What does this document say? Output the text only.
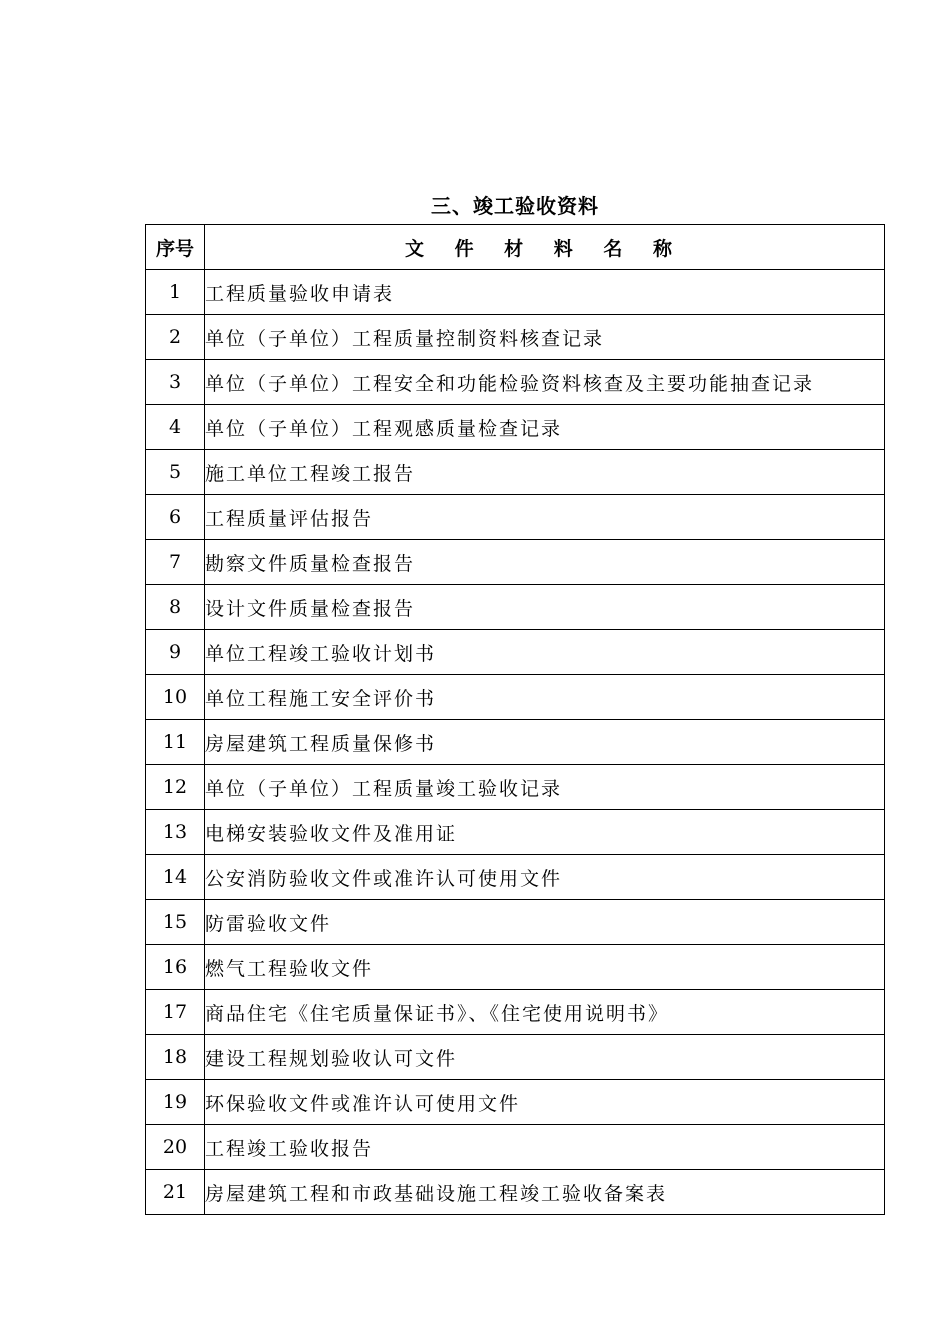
三、竣工验收资料
序号	文 件 材 料 名 称
1	工程质量验收申请表
2	单位（子单位）工程质量控制资料核查记录
3	单位（子单位）工程安全和功能检验资料核查及主要功能抽查记录
4	单位（子单位）工程观感质量检查记录
5	施工单位工程竣工报告
6	工程质量评估报告
7	勘察文件质量检查报告
8	设计文件质量检查报告
9	单位工程竣工验收计划书
10	单位工程施工安全评价书
11	房屋建筑工程质量保修书
12	单位（子单位）工程质量竣工验收记录
13	电梯安装验收文件及准用证
14	公安消防验收文件或准许认可使用文件
15	防雷验收文件
16	燃气工程验收文件
17	商品住宅《住宅质量保证书》、《住宅使用说明书》
18	建设工程规划验收认可文件
19	环保验收文件或准许认可使用文件
20	工程竣工验收报告
21	房屋建筑工程和市政基础设施工程竣工验收备案表
